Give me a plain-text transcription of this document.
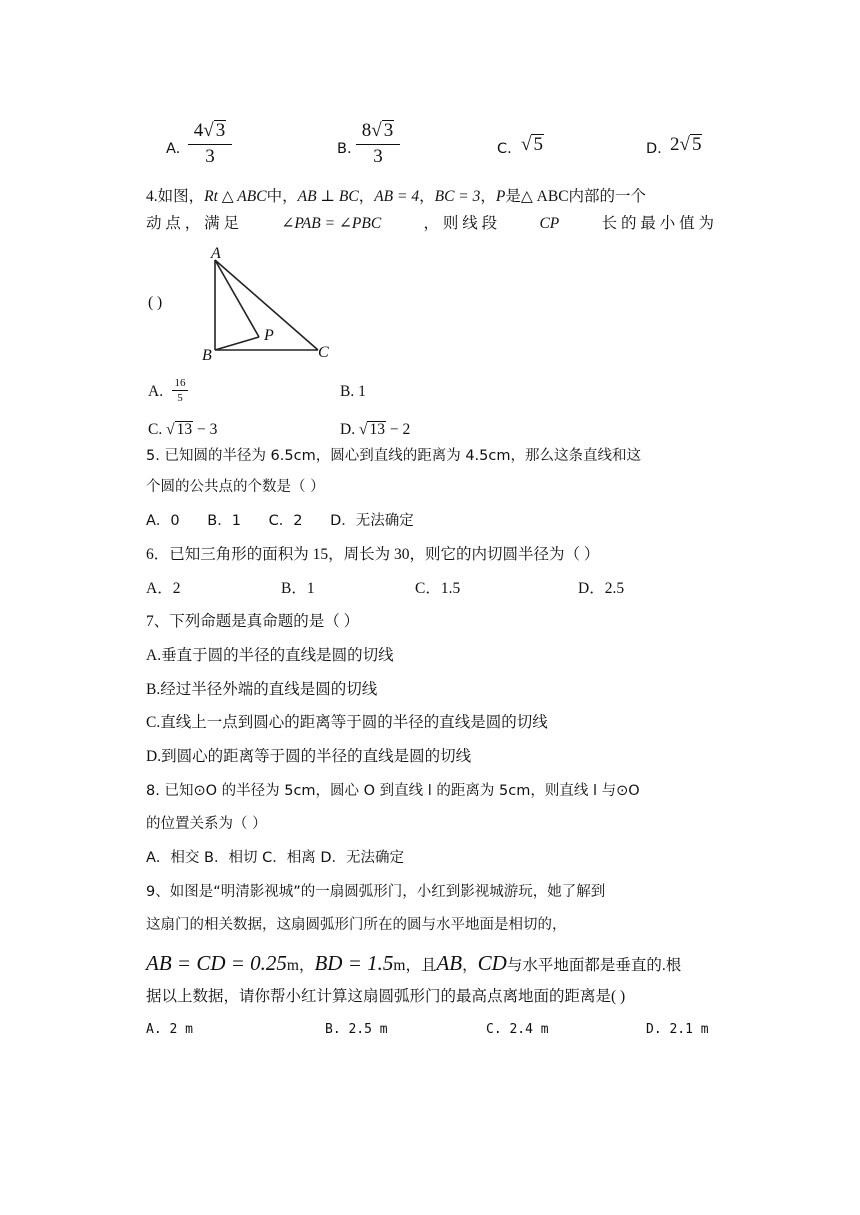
A.
4√ 3
3	B.
8√ 3
3	C. √ 5	D. 2√ 5
4.如图，Rt △ ABC中，AB ⊥ BC，AB = 4，BC = 3，P是△ ABC内部的一个
动 点 ， 满 足	∠PAB = ∠PBC	， 则 线 段	CP	长 的 最 小 值 为
( )
A
B	C
P
A. 16
5	B. 1
C. √ 13 − 3	D. √ 13 − 2
5. 已知圆的半径为 6.5cm，圆心到直线的距离为 4.5cm，那么这条直线和这
个圆的公共点的个数是（ ）
A．0      B．1      C．2      D．无法确定
6．已知三角形的面积为 15，周长为 30，则它的内切圆半径为（ ）
A．2	B．1	C．1.5	D．2.5
7、下列命题是真命题的是（ ）
A.垂直于圆的半径的直线是圆的切线
B.经过半径外端的直线是圆的切线
C.直线上一点到圆心的距离等于圆的半径的直线是圆的切线
D.到圆心的距离等于圆的半径的直线是圆的切线
8. 已知⊙O 的半径为 5cm，圆心 O 到直线 l 的距离为 5cm，则直线 l 与⊙O
的位置关系为（ ）
A．相交 B．相切 C．相离 D．无法确定
9、如图是“明清影视城”的一扇圆弧形门，小红到影视城游玩，她了解到
这扇门的相关数据，这扇圆弧形门所在的圆与水平地面是相切的，
AB = CD = 0.25m，BD = 1.5m，且AB，CD与水平地面都是垂直的.根
据以上数据，请你帮小红计算这扇圆弧形门的最高点离地面的距离是( )
A. 2 m	B. 2.5 m	C. 2.4 m	D. 2.1 m
